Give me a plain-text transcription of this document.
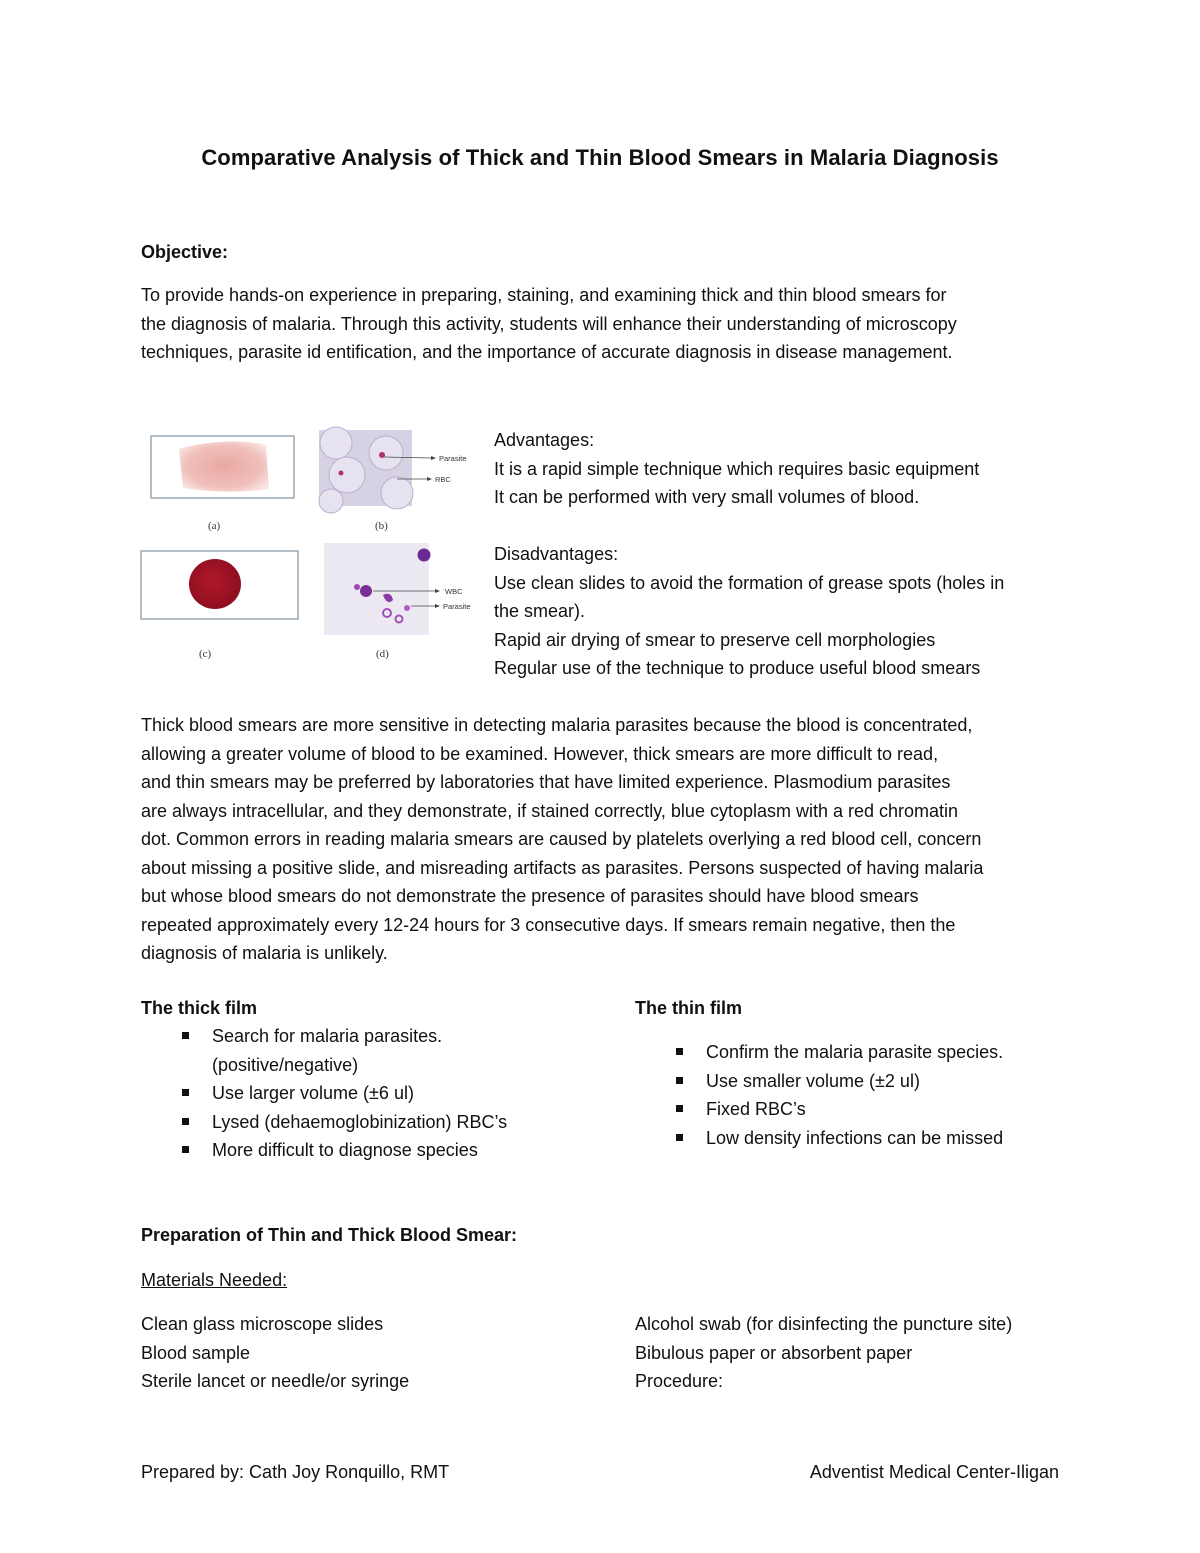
Comparative Analysis of Thick and Thin Blood Smears in Malaria Diagnosis
Objective:
To provide hands-on experience in preparing, staining, and examining thick and thin blood smears for
the diagnosis of malaria. Through this activity, students will enhance their understanding of microscopy
techniques, parasite id entification, and the importance of accurate diagnosis in disease management.
(a)
Parasite
RBC
(b)
(c)
WBC
Parasite
(d)
Advantages:
It is a rapid simple technique which requires basic equipment
It can be performed with very small volumes of blood.
Disadvantages:
Use clean slides to avoid the formation of grease spots (holes in
the smear).
Rapid air drying of smear to preserve cell morphologies
Regular use of the technique to produce useful blood smears
Thick blood smears are more sensitive in detecting malaria parasites because the blood is concentrated,
allowing a greater volume of blood to be examined. However, thick smears are more difficult to read,
and thin smears may be preferred by laboratories that have limited experience. Plasmodium parasites
are always intracellular, and they demonstrate, if stained correctly, blue cytoplasm with a red chromatin
dot. Common errors in reading malaria smears are caused by platelets overlying a red blood cell, concern
about missing a positive slide, and misreading artifacts as parasites. Persons suspected of having malaria
but whose blood smears do not demonstrate the presence of parasites should have blood smears
repeated approximately every 12-24 hours for 3 consecutive days. If smears remain negative, then the
diagnosis of malaria is unlikely.
The thick film
Search for malaria parasites.
(positive/negative)
Use larger volume (±6 ul)
Lysed (dehaemoglobinization) RBC’s
More difficult to diagnose species
The thin film
Confirm the malaria parasite species.
Use smaller volume (±2 ul)
Fixed RBC’s
Low density infections can be missed
Preparation of Thin and Thick Blood Smear:
Materials Needed:
Clean glass microscope slides
Blood sample
Sterile lancet or needle/or syringe
Alcohol swab (for disinfecting the puncture site)
Bibulous paper or absorbent paper
Procedure:
Prepared by: Cath Joy Ronquillo, RMT	Adventist Medical Center-Iligan
